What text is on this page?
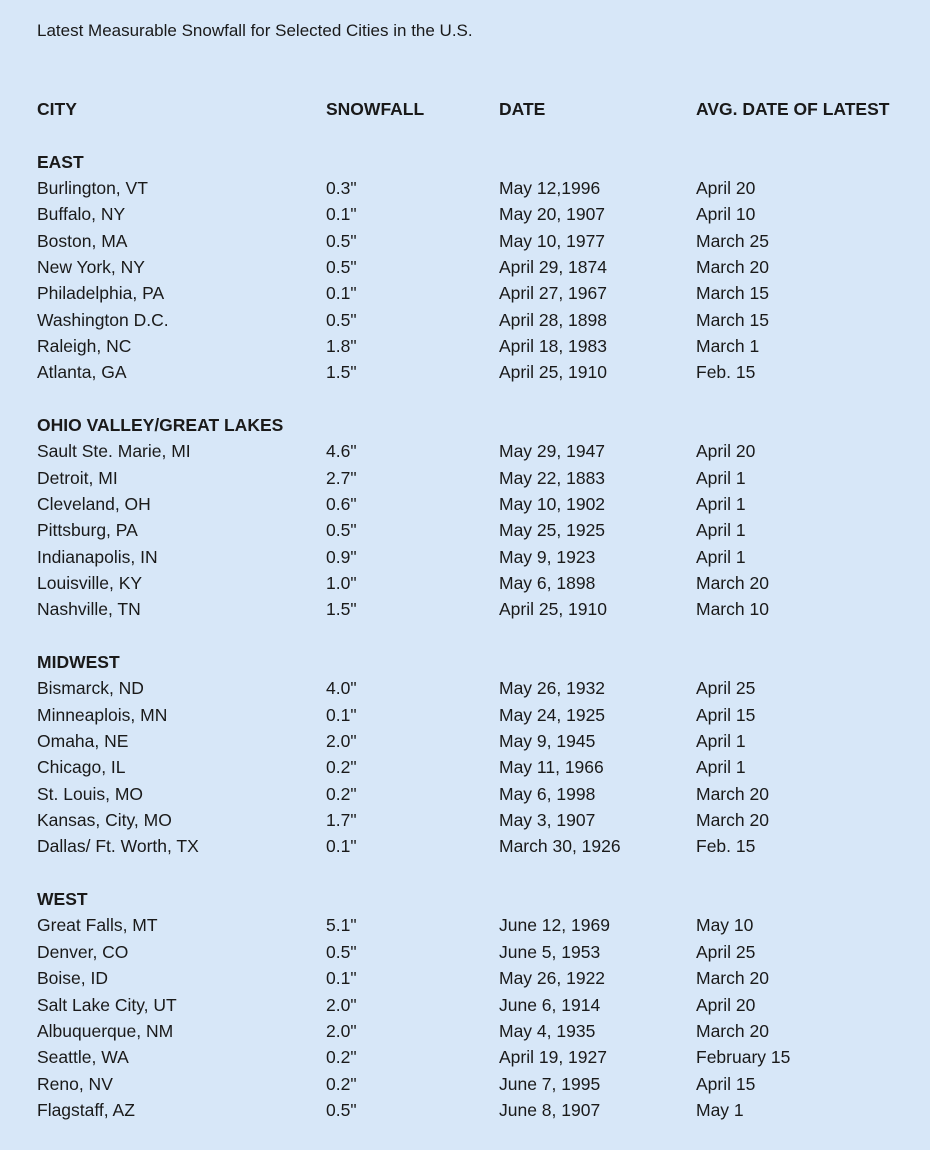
Latest Measurable Snowfall for Selected Cities in the U.S.
CITY	SNOWFALL	DATE	AVG. DATE OF LATEST
EAST
Burlington, VT	0.3"	May 12,1996	April 20
Buffalo, NY	0.1"	May 20, 1907	April 10
Boston, MA	0.5"	May 10, 1977	March 25
New York, NY	0.5"	April 29, 1874	March 20
Philadelphia, PA	0.1"	April 27, 1967	March 15
Washington D.C.	0.5"	April 28, 1898	March 15
Raleigh, NC	1.8"	April 18, 1983	March 1
Atlanta, GA	1.5"	April 25, 1910	Feb. 15
OHIO VALLEY/GREAT LAKES
Sault Ste. Marie, MI	4.6"	May 29, 1947	April 20
Detroit, MI	2.7"	May 22, 1883	April 1
Cleveland, OH	0.6"	May 10, 1902	April 1
Pittsburg, PA	0.5"	May 25, 1925	April 1
Indianapolis, IN	0.9"	May 9, 1923	April 1
Louisville, KY	1.0"	May 6, 1898	March 20
Nashville, TN	1.5"	April 25, 1910	March 10
MIDWEST
Bismarck, ND	4.0"	May 26, 1932	April 25
Minneaplois, MN	0.1"	May 24, 1925	April 15
Omaha, NE	2.0"	May 9, 1945	April 1
Chicago, IL	0.2"	May 11, 1966	April 1
St. Louis, MO	0.2"	May 6, 1998	March 20
Kansas, City, MO	1.7"	May 3, 1907	March 20
Dallas/ Ft. Worth, TX	0.1"	March 30, 1926	Feb. 15
WEST
Great Falls, MT	5.1"	June 12, 1969	May 10
Denver, CO	0.5"	June 5, 1953	April 25
Boise, ID	0.1"	May 26, 1922	March 20
Salt Lake City, UT	2.0"	June 6, 1914	April 20
Albuquerque, NM	2.0"	May 4, 1935	March 20
Seattle, WA	0.2"	April 19, 1927	February 15
Reno, NV	0.2"	June 7, 1995	April 15
Flagstaff, AZ	0.5"	June 8, 1907	May 1
